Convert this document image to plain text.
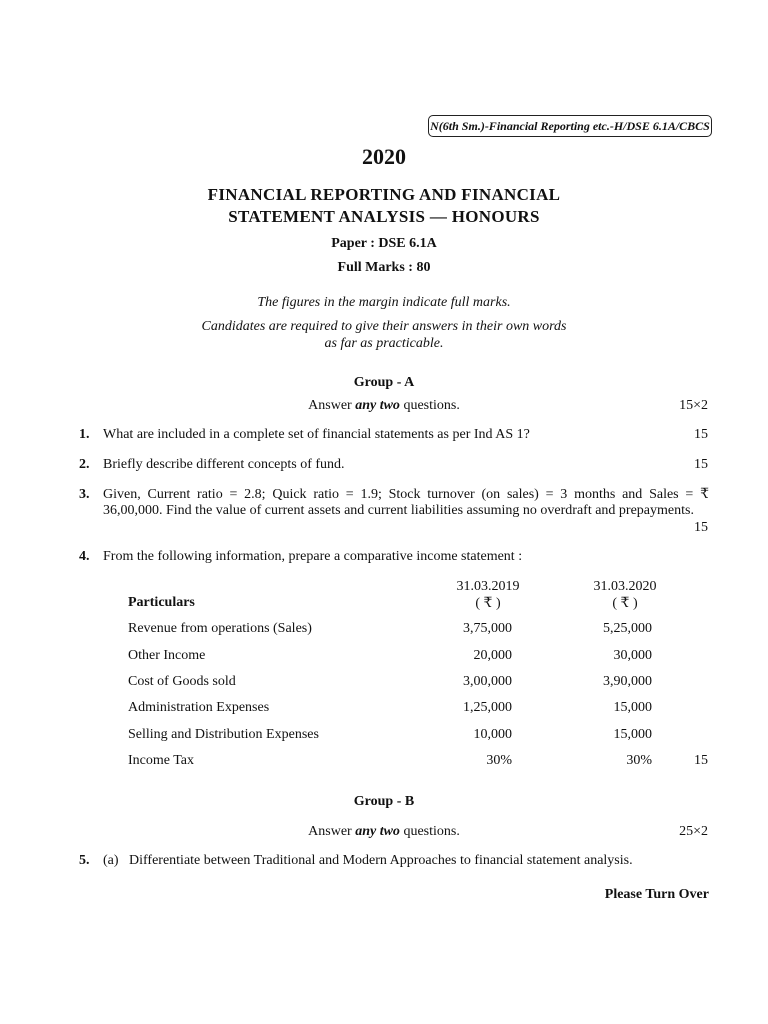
N(6th Sm.)-Financial Reporting etc.-H/DSE 6.1A/CBCS
2020
FINANCIAL REPORTING AND FINANCIAL
STATEMENT ANALYSIS — HONOURS
Paper : DSE 6.1A
Full Marks : 80
The figures in the margin indicate full marks.
Candidates are required to give their answers in their own words
as far as practicable.
Group - A
Answer any two questions.	15×2
1. What are included in a complete set of financial statements as per Ind AS 1?	15
2. Briefly describe different concepts of fund.	15
3. Given, Current ratio = 2.8; Quick ratio = 1.9; Stock turnover (on sales) = 3 months and Sales = ₹ 36,00,000. Find the value of current assets and current liabilities assuming no overdraft and prepayments.
15
4. From the following information, prepare a comparative income statement :
31.03.2019	31.03.2020
Particulars	( ₹ )	( ₹ )
Revenue from operations (Sales)	3,75,000	5,25,000
Other Income	20,000	30,000
Cost of Goods sold	3,00,000	3,90,000
Administration Expenses	1,25,000	15,000
Selling and Distribution Expenses	10,000	15,000
Income Tax	30%	30%	15
Group - B
Answer any two questions.	25×2
5. (a) Differentiate between Traditional and Modern Approaches to financial statement analysis.
Please Turn Over
